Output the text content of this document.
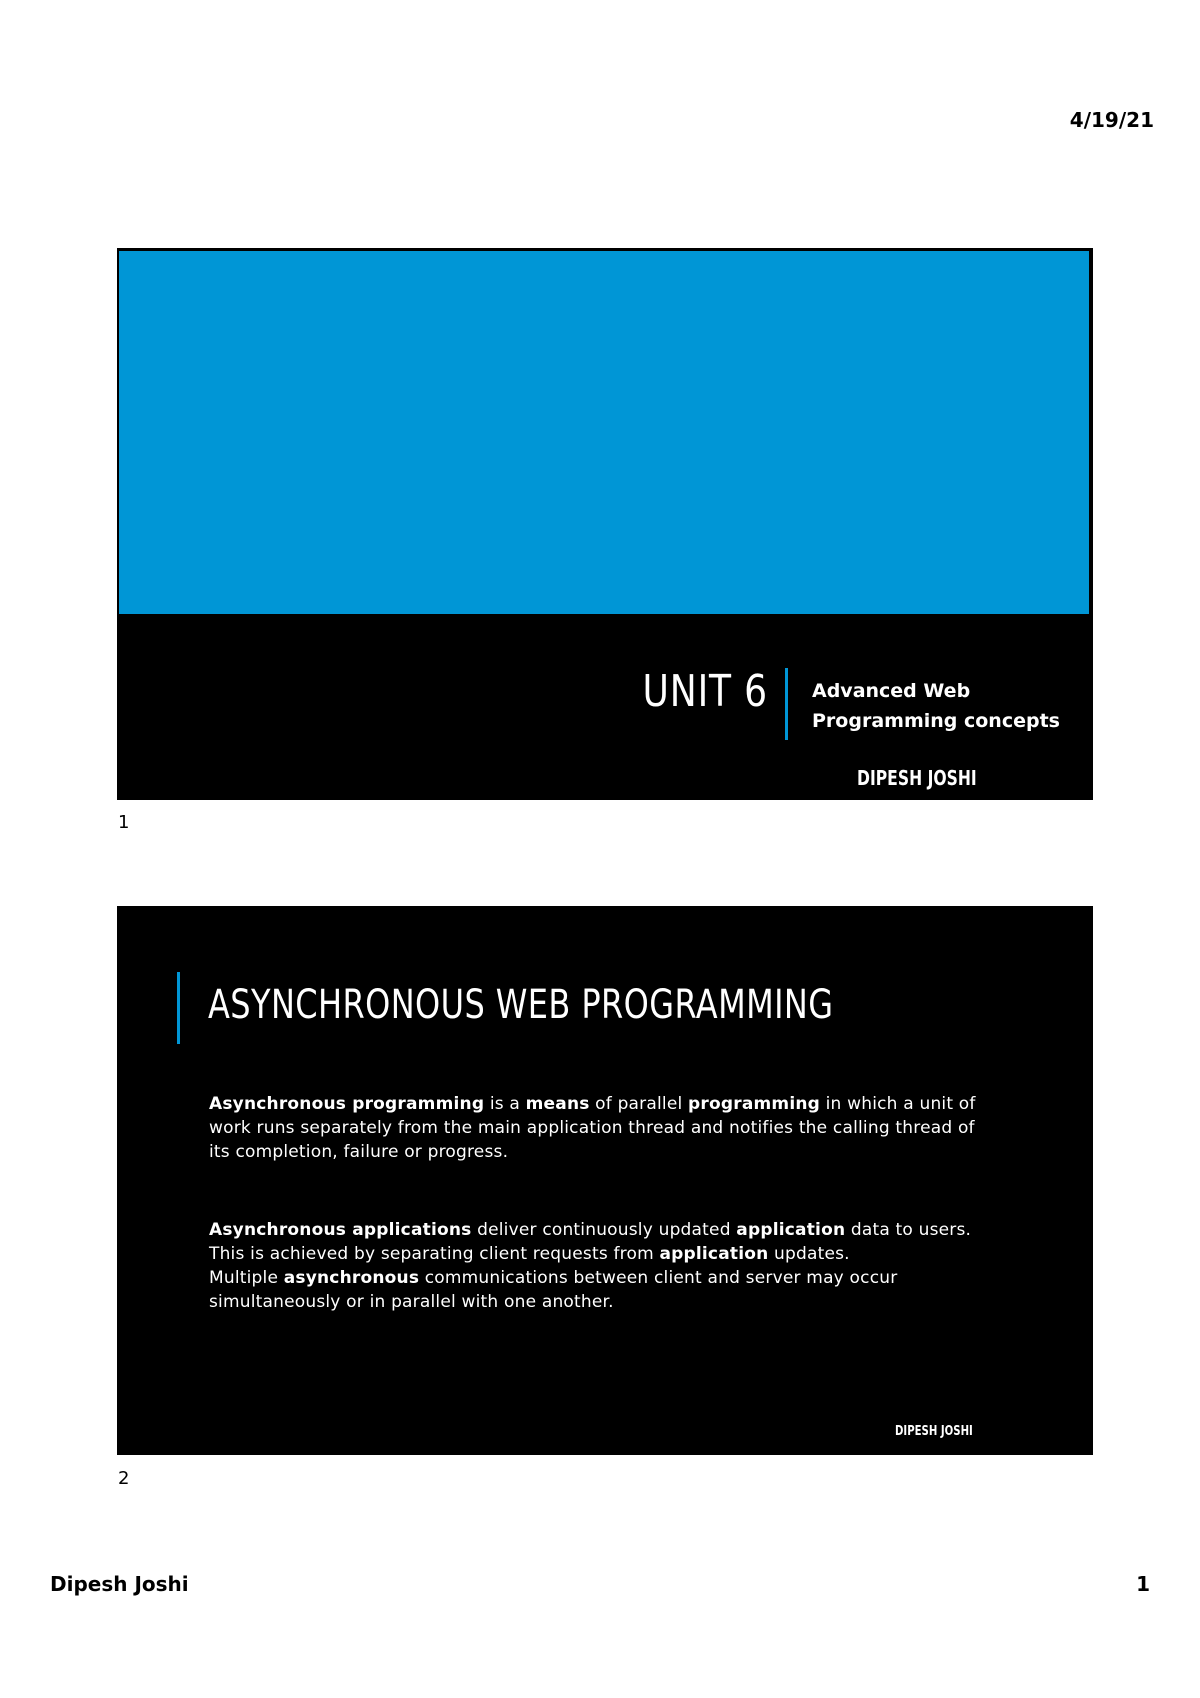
4/19/21
UNIT 6 Advanced Web
Programming concepts
DIPESH JOSHI
1
ASYNCHRONOUS WEB PROGRAMMING
Asynchronous programming is a means of parallel programming in which a unit of work runs separately from the main application thread and notifies the calling thread of its completion, failure or progress.
Asynchronous applications deliver continuously updated application data to users.
This is achieved by separating client requests from application updates.
Multiple asynchronous communications between client and server may occur simultaneously or in parallel with one another.
DIPESH JOSHI
2
Dipesh Joshi	1
